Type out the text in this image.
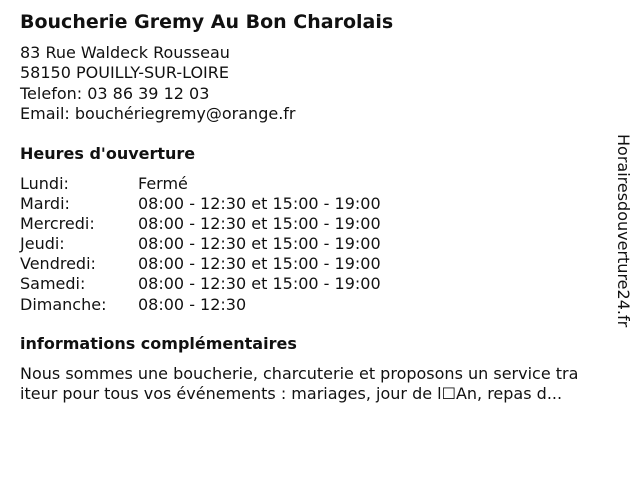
Boucherie Gremy Au Bon Charolais
83 Rue Waldeck Rousseau
58150 POUILLY-SUR-LOIRE
Telefon: 03 86 39 12 03
Email: bouchériegremy@orange.fr
Heures d'ouverture
Lundi:	Fermé
Mardi:	08:00 - 12:30 et 15:00 - 19:00
Mercredi:	08:00 - 12:30 et 15:00 - 19:00
Jeudi:	08:00 - 12:30 et 15:00 - 19:00
Vendredi:	08:00 - 12:30 et 15:00 - 19:00
Samedi:	08:00 - 12:30 et 15:00 - 19:00
Dimanche:	08:00 - 12:30
informations complémentaires
Nous sommes une boucherie, charcuterie et proposons un service tra
iteur pour tous vos événements : mariages, jour de l☐An, repas d...
Horairesdouverture24.fr
